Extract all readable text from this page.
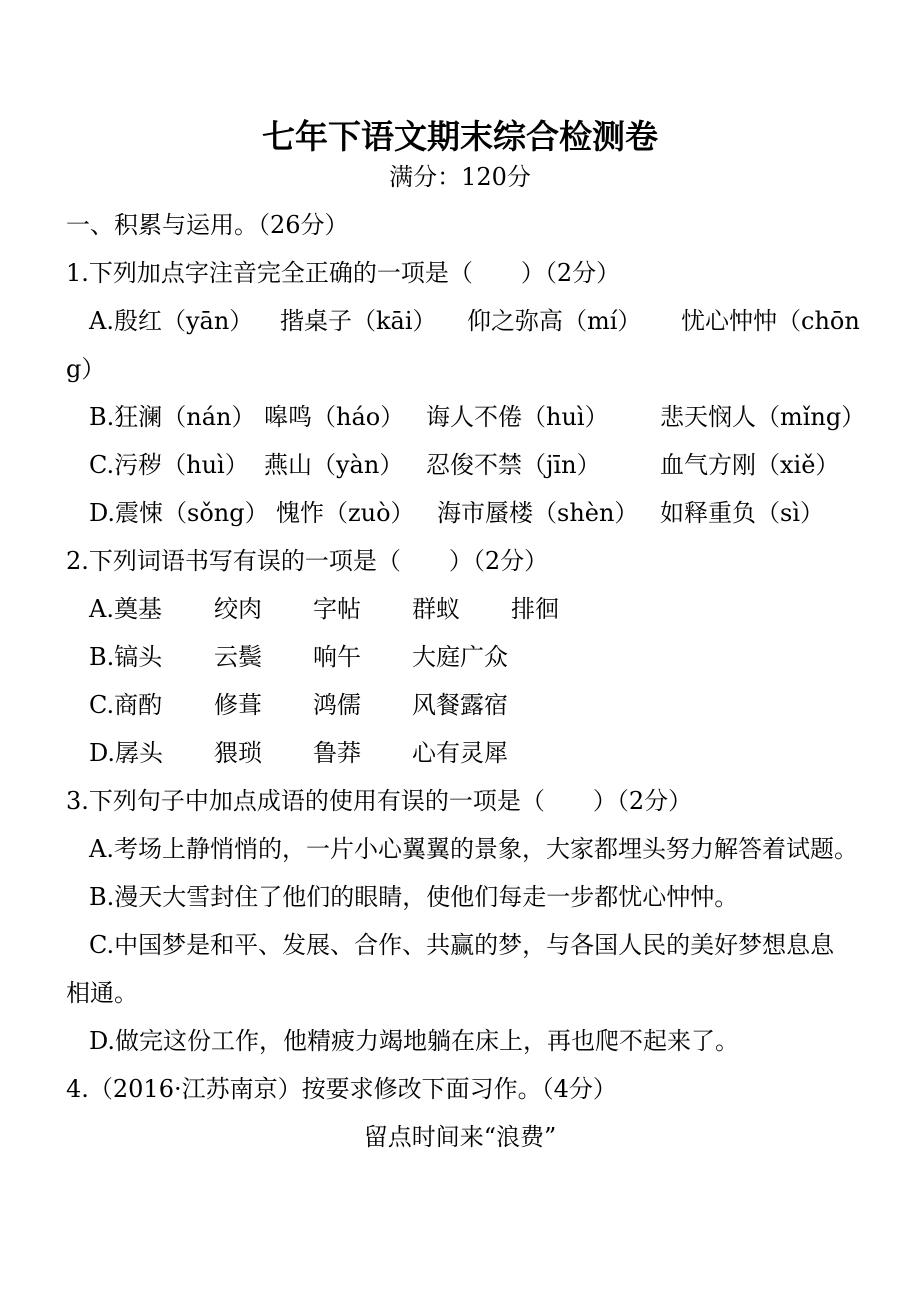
七年下语文期末综合检测卷
满分：120分
一、积累与运用。（26分）
1.下列加点字注音完全正确的一项是（　　）（2分）
A.殷红（yān） 揩桌子（kāi） 仰之弥高（mí） 忧心忡忡（chōn
g）
B.狂澜（nán） 嗥鸣（háo） 诲人不倦（huì） 悲天悯人（mǐng）
C.污秽（huì） 燕山（yàn） 忍俊不禁（jīn） 血气方刚（xiě）
D.震悚（sǒng） 愧怍（zuò） 海市蜃楼（shèn） 如释重负（sì）
2.下列词语书写有误的一项是（　　）（2分）
A.奠基 绞肉 字帖 群蚁 排徊
B.镐头 云鬓 响午 大庭广众
C.商酌 修葺 鸿儒 风餐露宿
D.孱头 猥琐 鲁莽 心有灵犀
3.下列句子中加点成语的使用有误的一项是（　　）（2分）
A.考场上静悄悄的，一片小心翼翼的景象，大家都埋头努力解答着试题。
B.漫天大雪封住了他们的眼睛，使他们每走一步都忧心忡忡。
C.中国梦是和平、发展、合作、共赢的梦，与各国人民的美好梦想息息
相通。
D.做完这份工作，他精疲力竭地躺在床上，再也爬不起来了。
4.（2016·江苏南京）按要求修改下面习作。（4分）
留点时间来“浪费”
